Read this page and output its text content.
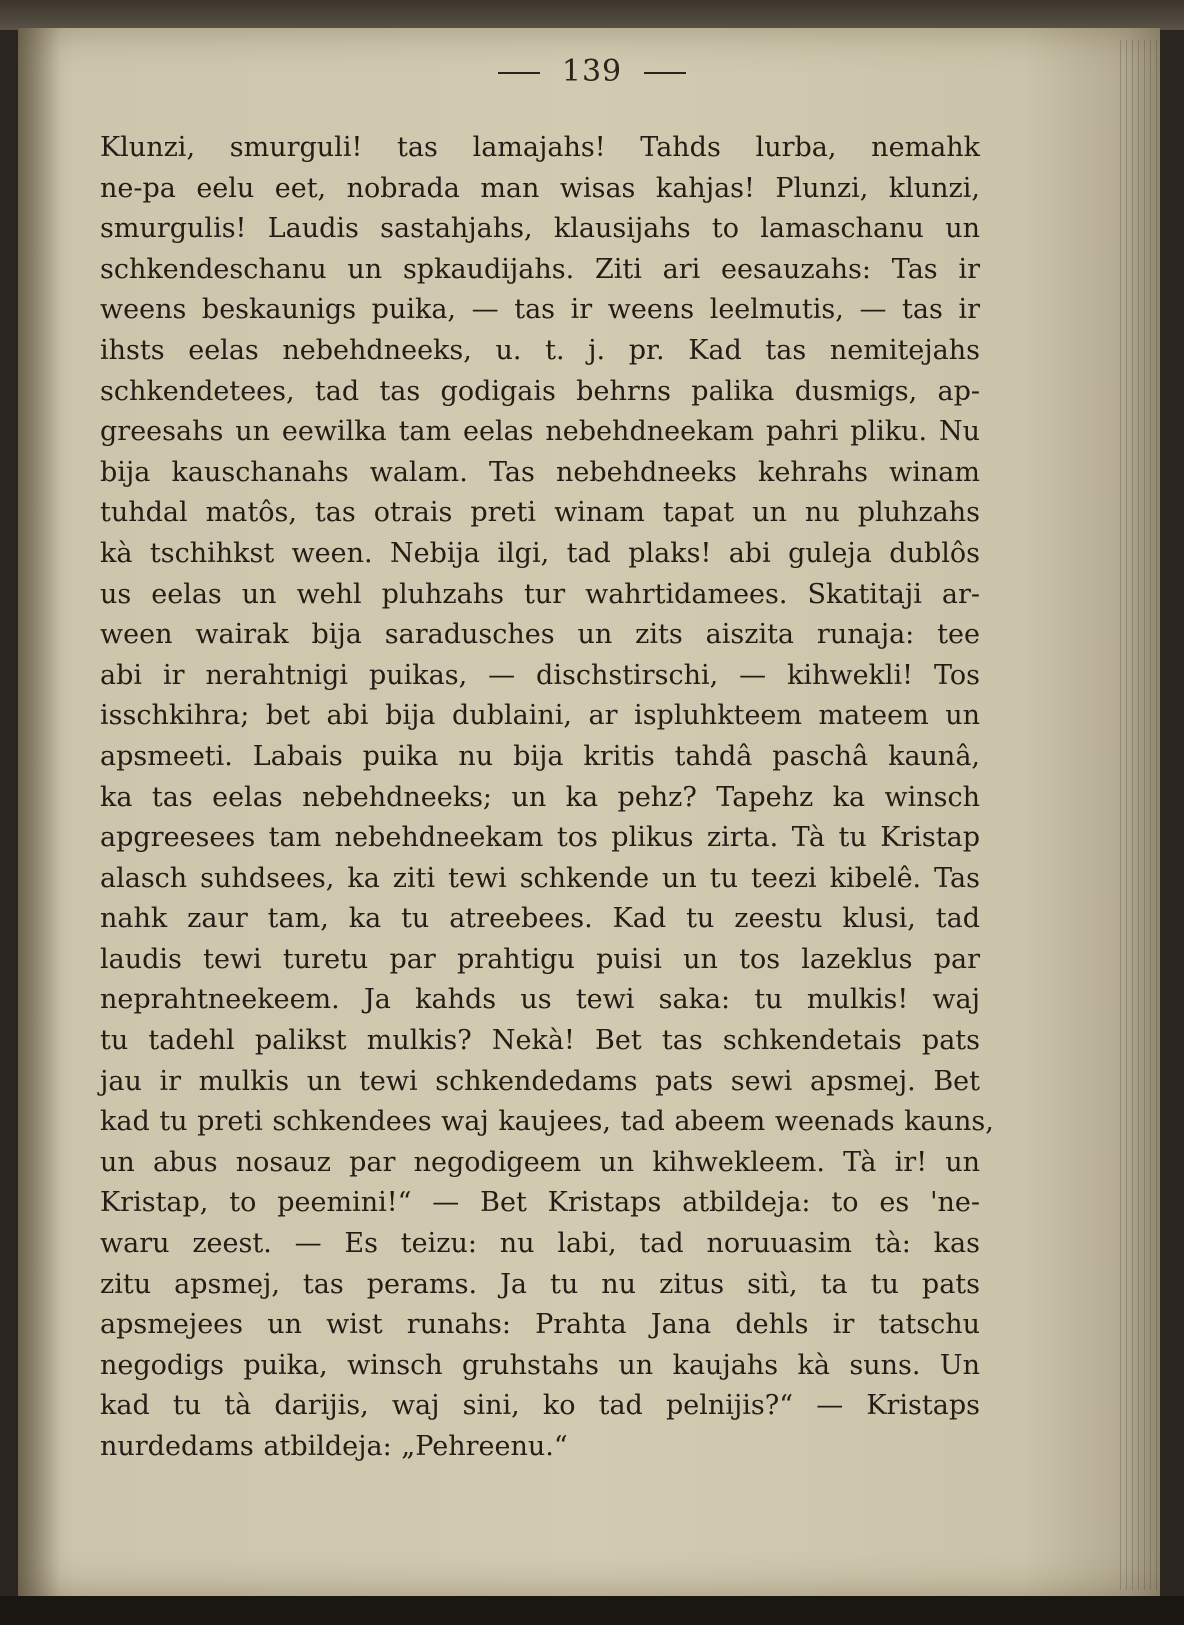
139
Klunzi, smurguli! tas lamajahs! Tahds lurba, nemahk
ne-pa eelu eet, nobrada man wisas kahjas! Plunzi, klunzi,
smurgulis! Laudis sastahjahs, klausijahs to lamaschanu un
schkendeschanu un spkaudijahs. Ziti ari eesauzahs: Tas ir
weens beskaunigs puika, — tas ir weens leelmutis, — tas ir
ihsts eelas nebehdneeks, u. t. j. pr. Kad tas nemitejahs
schkendetees, tad tas godigais behrns palika dusmigs, ap-
greesahs un eewilka tam eelas nebehdneekam pahri pliku. Nu
bija kauschanahs walam. Tas nebehdneeks kehrahs winam
tuhdal matôs, tas otrais preti winam tapat un nu pluhzahs
kà tschihkst ween. Nebija ilgi, tad plaks! abi guleja dublôs
us eelas un wehl pluhzahs tur wahrtidamees. Skatitaji ar-
ween wairak bija saradusches un zits aiszita runaja: tee
abi ir nerahtnigi puikas, — dischstirschi, — kihwekli! Tos
isschkihra; bet abi bija dublaini, ar ispluhkteem mateem un
apsmeeti. Labais puika nu bija kritis tahdâ paschâ kaunâ,
ka tas eelas nebehdneeks; un ka pehz? Tapehz ka winsch
apgreesees tam nebehdneekam tos plikus zirta. Tà tu Kristap
alasch suhdsees, ka ziti tewi schkende un tu teezi kibelê. Tas
nahk zaur tam, ka tu atreebees. Kad tu zeestu klusi, tad
laudis tewi turetu par prahtigu puisi un tos lazeklus par
neprahtneekeem. Ja kahds us tewi saka: tu mulkis! waj
tu tadehl palikst mulkis? Nekà! Bet tas schkendetais pats
jau ir mulkis un tewi schkendedams pats sewi apsmej. Bet
kad tu preti schkendees waj kaujees, tad abeem weenads kauns,
un abus nosauz par negodigeem un kihwekleem. Tà ir! un
Kristap, to peemini!“ — Bet Kristaps atbildeja: to es 'ne-
waru zeest. — Es teizu: nu labi, tad noruuasim tà: kas
zitu apsmej, tas perams. Ja tu nu zitus sitì, ta tu pats
apsmejees un wist runahs: Prahta Jana dehls ir tatschu
negodigs puika, winsch gruhstahs un kaujahs kà suns. Un
kad tu tà darijis, waj sini, ko tad pelnijis?“ — Kristaps
nurdedams atbildeja: „Pehreenu.“
